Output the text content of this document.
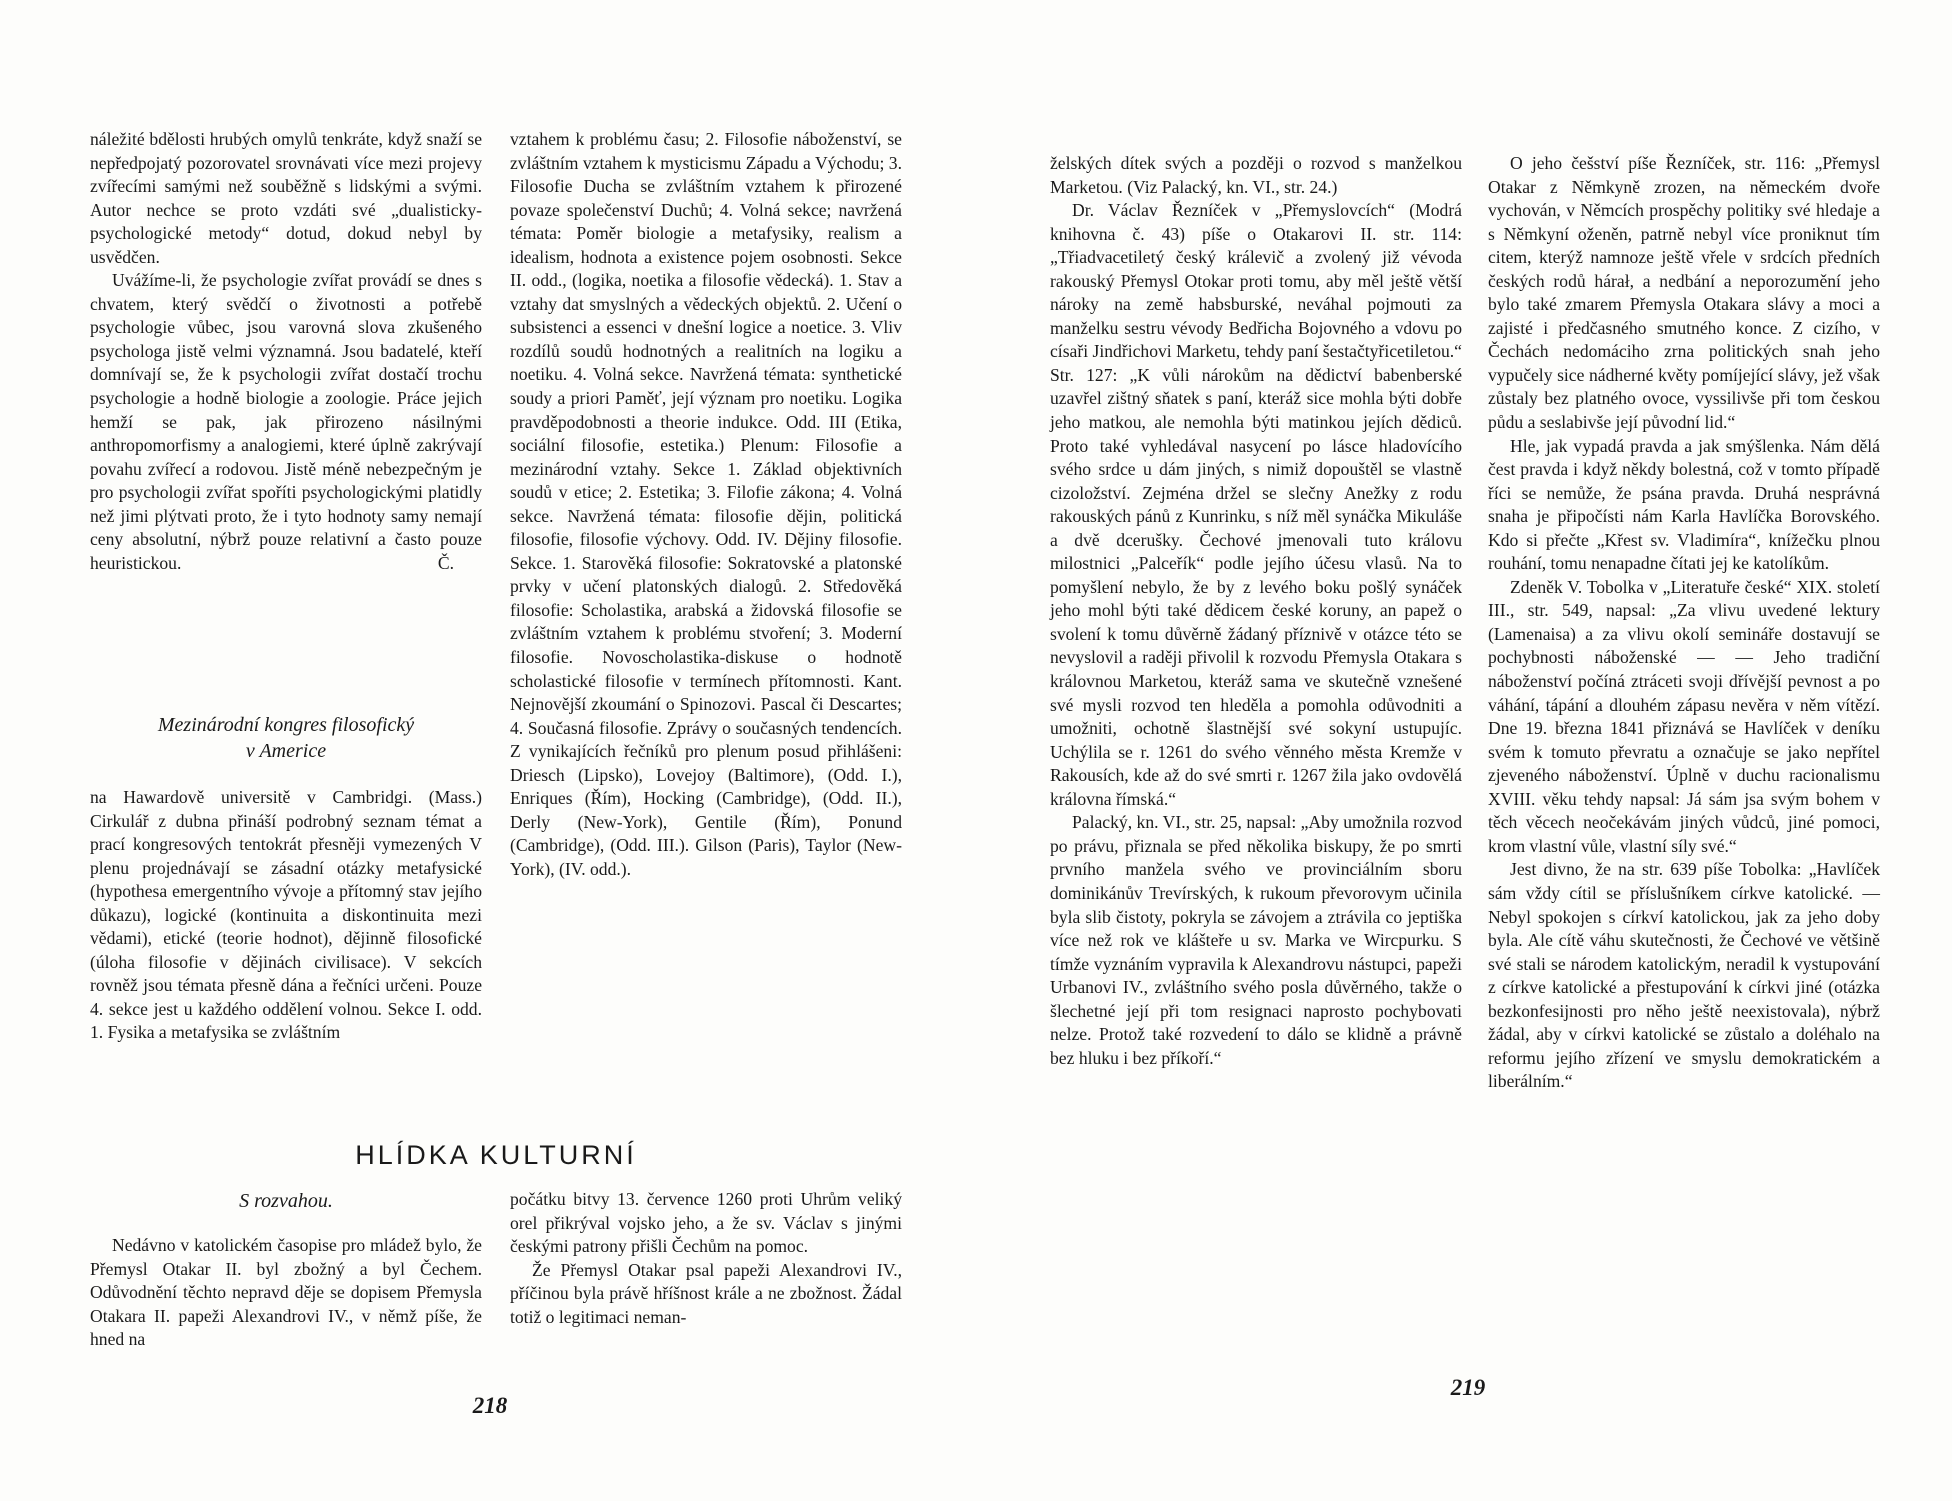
náležité bdělosti hrubých omylů tenkráte, když snaží se nepředpojatý pozorovatel srovnávati více mezi projevy zvířecími samými než souběžně s lidskými a svými. Autor nechce se proto vzdáti své „dualisticky-psychologické metody“ dotud, dokud nebyl by usvědčen.

Uvážíme-li, že psychologie zvířat provádí se dnes s chvatem, který svědčí o životnosti a potřebě psychologie vůbec, jsou varovná slova zkušeného psychologa jistě velmi významná. Jsou badatelé, kteří domnívají se, že k psychologii zvířat dostačí trochu psychologie a hodně biologie a zoologie. Práce jejich hemží se pak, jak přirozeno násilnými anthropomorfismy a analogiemi, které úplně zakrývají povahu zvířecí a rodovou. Jistě méně nebezpečným je pro psychologii zvířat spoříti psychologickými platidly než jimi plýtvati proto, že i tyto hodnoty samy nemají ceny absolutní, nýbrž pouze relativní a často pouze heuristickou.	Č.

Mezinárodní kongres filosofický
v Americe

na Hawardově universitě v Cambridgi. (Mass.) Cirkulář z dubna přináší podrobný seznam témat a prací kongresových tentokrát přesněji vymezených V plenu projednávají se zásadní otázky metafysické (hypothesa emergentního vývoje a přítomný stav jejího důkazu), logické (kontinuita a diskontinuita mezi vědami), etické (teorie hodnot), dějinně filosofické (úloha filosofie v dějinách civilisace). V sekcích rovněž jsou témata přesně dána a řečníci určeni. Pouze 4. sekce jest u každého oddělení volnou. Sekce I. odd. 1. Fysika a metafysika se zvláštním

vztahem k problému času; 2. Filosofie náboženství, se zvláštním vztahem k mysticismu Západu a Východu; 3. Filosofie Ducha se zvláštním vztahem k přirozené povaze společenství Duchů; 4. Volná sekce; navržená témata: Poměr biologie a metafysiky, realism a idealism, hodnota a existence pojem osobnosti. Sekce II. odd., (logika, noetika a filosofie vědecká). 1. Stav a vztahy dat smyslných a vědeckých objektů. 2. Učení o subsistenci a essenci v dnešní logice a noetice. 3. Vliv rozdílů soudů hodnotných a realitních na logiku a noetiku. 4. Volná sekce. Navržená témata: synthetické soudy a priori Paměť, její význam pro noetiku. Logika pravděpodobnosti a theorie indukce. Odd. III (Etika, sociální filosofie, estetika.) Plenum: Filosofie a mezinárodní vztahy. Sekce 1. Základ objektivních soudů v etice; 2. Estetika; 3. Filofie zákona; 4. Volná sekce. Navržená témata: filosofie dějin, politická filosofie, filosofie výchovy. Odd. IV. Dějiny filosofie. Sekce. 1. Starověká filosofie: Sokratovské a platonské prvky v učení platonských dialogů. 2. Středověká filosofie: Scholastika, arabská a židovská filosofie se zvláštním vztahem k problému stvoření; 3. Moderní filosofie. Novoscholastika-diskuse o hodnotě scholastické filosofie v termínech přítomnosti. Kant. Nejnovější zkoumání o Spinozovi. Pascal či Descartes; 4. Současná filosofie. Zprávy o současných tendencích. Z vynikajících řečníků pro plenum posud přihlášeni: Driesch (Lipsko), Lovejoy (Baltimore), (Odd. I.), Enriques (Řím), Hocking (Cambridge), (Odd. II.), Derly (New-York), Gentile (Řím), Ponund (Cambridge), (Odd. III.). Gilson (Paris), Taylor (New-York), (IV. odd.).

HLÍDKA KULTURNÍ
S rozvahou.

Nedávno v katolickém časopise pro mládež bylo, že Přemysl Otakar II. byl zbožný a byl Čechem. Odůvodnění těchto nepravd děje se dopisem Přemysla Otakara II. papeži Alexandrovi IV., v němž píše, že hned na

počátku bitvy 13. července 1260 proti Uhrům veliký orel přikrýval vojsko jeho, a že sv. Václav s jinými českými patrony přišli Čechům na pomoc.

Že Přemysl Otakar psal papeži Alexandrovi IV., příčinou byla právě hříšnost krále a ne zbožnost. Žádal totiž o legitimaci neman-

218

želských dítek svých a později o rozvod s manželkou Marketou. (Viz Palacký, kn. VI., str. 24.)

Dr. Václav Řezníček v „Přemyslovcích“ (Modrá knihovna č. 43) píše o Otakarovi II. str. 114: „Třiadvacetiletý český králevič a zvolený již vévoda rakouský Přemysl Otokar proti tomu, aby měl ještě větší nároky na země habsburské, neváhal pojmouti za manželku sestru vévody Bedřicha Bojovného a vdovu po císaři Jindřichovi Marketu, tehdy paní šestačtyřicetiletou.“ Str. 127: „K vůli nárokům na dědictví babenberské uzavřel zištný sňatek s paní, kteráž sice mohla býti dobře jeho matkou, ale nemohla býti matinkou jejích dědiců. Proto také vyhledával nasycení po lásce hladovícího svého srdce u dám jiných, s nimiž dopouštěl se vlastně cizoložství. Zejména držel se slečny Anežky z rodu rakouských pánů z Kunrinku, s níž měl synáčka Mikuláše a dvě dcerušky. Čechové jmenovali tuto královu milostnici „Palceřík“ podle jejího účesu vlasů. Na to pomyšlení nebylo, že by z levého boku pošlý synáček jeho mohl býti také dědicem české koruny, an papež o svolení k tomu důvěrně žádaný příznivě v otázce této se nevyslovil a raději přivolil k rozvodu Přemysla Otakara s královnou Marketou, kteráž sama ve skutečně vznešené své mysli rozvod ten hleděla a pomohla odůvodniti a umožniti, ochotně šlastnější své sokyní ustupujíc. Uchýlila se r. 1261 do svého věnného města Kremže v Rakousích, kde až do své smrti r. 1267 žila jako ovdovělá královna římská.“

Palacký, kn. VI., str. 25, napsal: „Aby umožnila rozvod po právu, přiznala se před několika biskupy, že po smrti prvního manžela svého ve provinciálním sboru dominikánův Trevírských, k rukoum převorovym učinila byla slib čistoty, pokryla se závojem a ztrávila co jeptiška více než rok ve klášteře u sv. Marka ve Wircpurku. S tímže vyznáním vypravila k Alexandrovu nástupci, papeži Urbanovi IV., zvláštního svého posla důvěrného, takže o šlechetné její při tom resignaci naprosto pochybovati nelze. Protož také rozvedení to dálo se klidně a právně bez hluku i bez příkoří.“

O jeho češství píše Řezníček, str. 116: „Přemysl Otakar z Němkyně zrozen, na německém dvoře vychován, v Němcích prospěchy politiky své hledaje a s Němkyní oženěn, patrně nebyl více proniknut tím citem, kterýž namnoze ještě vřele v srdcích předních českých rodů hárał, a nedbání a neporozumění jeho bylo také zmarem Přemysla Otakara slávy a moci a zajisté i předčasného smutného konce. Z cizího, v Čechách nedomáciho zrna politických snah jeho vypučely sice nádherné květy pomíjející slávy, jež však zůstaly bez platného ovoce, vyssilivše při tom českou půdu a seslabivše její původní lid.“

Hle, jak vypadá pravda a jak smýšlenka. Nám dělá čest pravda i když někdy bolestná, což v tomto případě říci se nemůže, že psána pravda. Druhá nesprávná snaha je připočísti nám Karla Havlíčka Borovského. Kdo si přečte „Křest sv. Vladimíra“, knížečku plnou rouhání, tomu nenapadne čítati jej ke katolíkům.

Zdeněk V. Tobolka v „Literatuře české“ XIX. století III., str. 549, napsal: „Za vlivu uvedené lektury (Lamenaisa) a za vlivu okolí semináře dostavují se pochybnosti náboženské — — Jeho tradiční náboženství počíná ztráceti svoji dřívější pevnost a po váhání, tápání a dlouhém zápasu nevěra v něm vítězí. Dne 19. března 1841 přiznává se Havlíček v deníku svém k tomuto převratu a označuje se jako nepřítel zjeveného náboženství. Úplně v duchu racionalismu XVIII. věku tehdy napsal: Já sám jsa svým bohem v těch věcech neočekávám jiných vůdců, jiné pomoci, krom vlastní vůle, vlastní síly své.“

Jest divno, že na str. 639 píše Tobolka: „Havlíček sám vždy cítil se příslušníkem církve katolické. — Nebyl spokojen s církví katolickou, jak za jeho doby byla. Ale cítě váhu skutečnosti, že Čechové ve většině své stali se národem katolickým, neradil k vystupování z církve katolické a přestupování k církvi jiné (otázka bezkonfesijnosti pro něho ještě neexistovala), nýbrž žádal, aby v církvi katolické se zůstalo a doléhalo na reformu jejího zřízení ve smyslu demokratickém a liberálním.“

219
